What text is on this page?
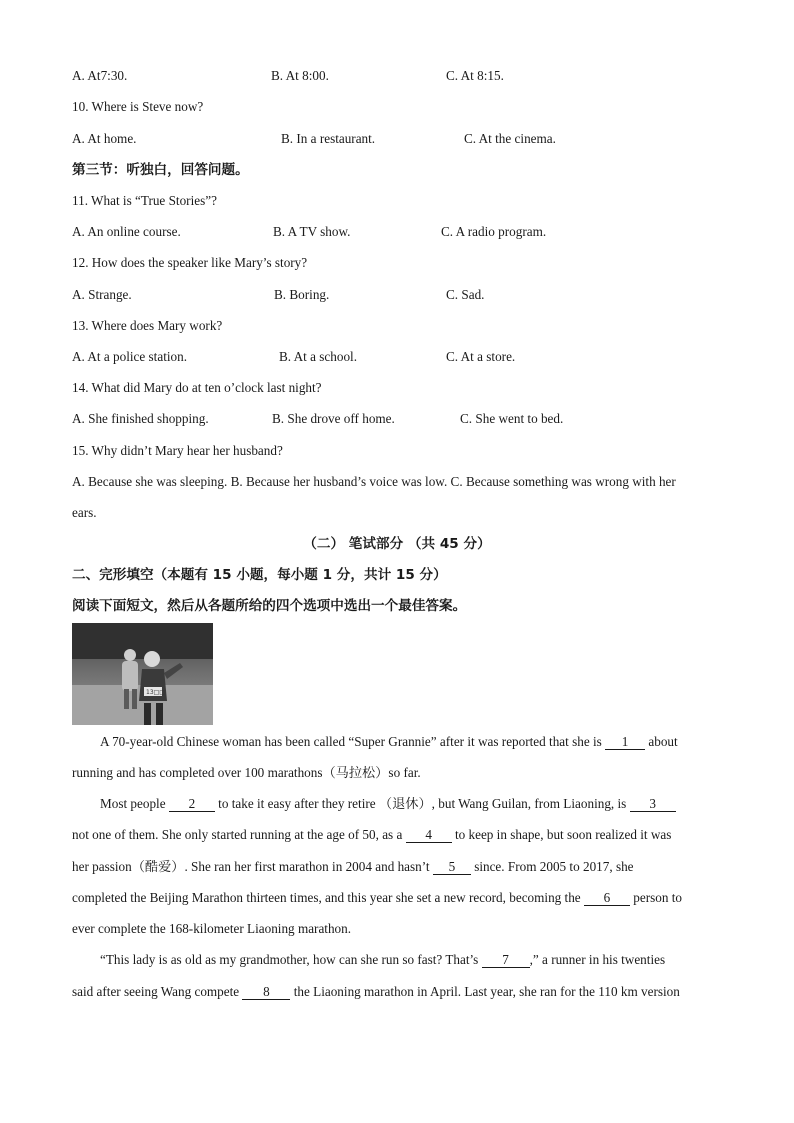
A. At7:30.	B. At 8:00.	C. At 8:15.
10. Where is Steve now?
A. At home.	B. In a restaurant.	C. At the cinema.
第三节：听独白，回答问题。
11. What is “True Stories”?
A. An online course.	B. A TV show.	C. A radio program.
12. How does the speaker like Mary’s story?
A. Strange.	B. Boring.	C. Sad.
13. Where does Mary work?
A. At a police station.	B. At a school.	C. At a store.
14. What did Mary do at ten o’clock last night?
A. She finished shopping.	B. She drove off home.	C. She went to bed.
15. Why didn’t Mary hear her husband?
A. Because she was sleeping. B. Because her husband’s voice was low. C. Because something was wrong with her
ears.
（二） 笔试部分 （共 45 分）
二、完形填空（本题有 15 小题，每小题 1 分，共计 15 分）
阅读下面短文，然后从各题所给的四个选项中选出一个最佳答案。
13□□
A 70-year-old Chinese woman has been called “Super Grannie” after it was reported that she is 1 about
running and has completed over 100 marathons（马拉松）so far.
Most people 2 to take it easy after they retire （退休）, but Wang Guilan, from Liaoning, is 3
not one of them. She only started running at the age of 50, as a 4 to keep in shape, but soon realized it was
her passion（酷爱）. She ran her first marathon in 2004 and hasn’t 5 since. From 2005 to 2017, she
completed the Beijing Marathon thirteen times, and this year she set a new record, becoming the 6 person to
ever complete the 168-kilometer Liaoning marathon.
“This lady is as old as my grandmother, how can she run so fast? That’s 7 ,” a runner in his twenties
said after seeing Wang compete 8 the Liaoning marathon in April. Last year, she ran for the 110 km version
